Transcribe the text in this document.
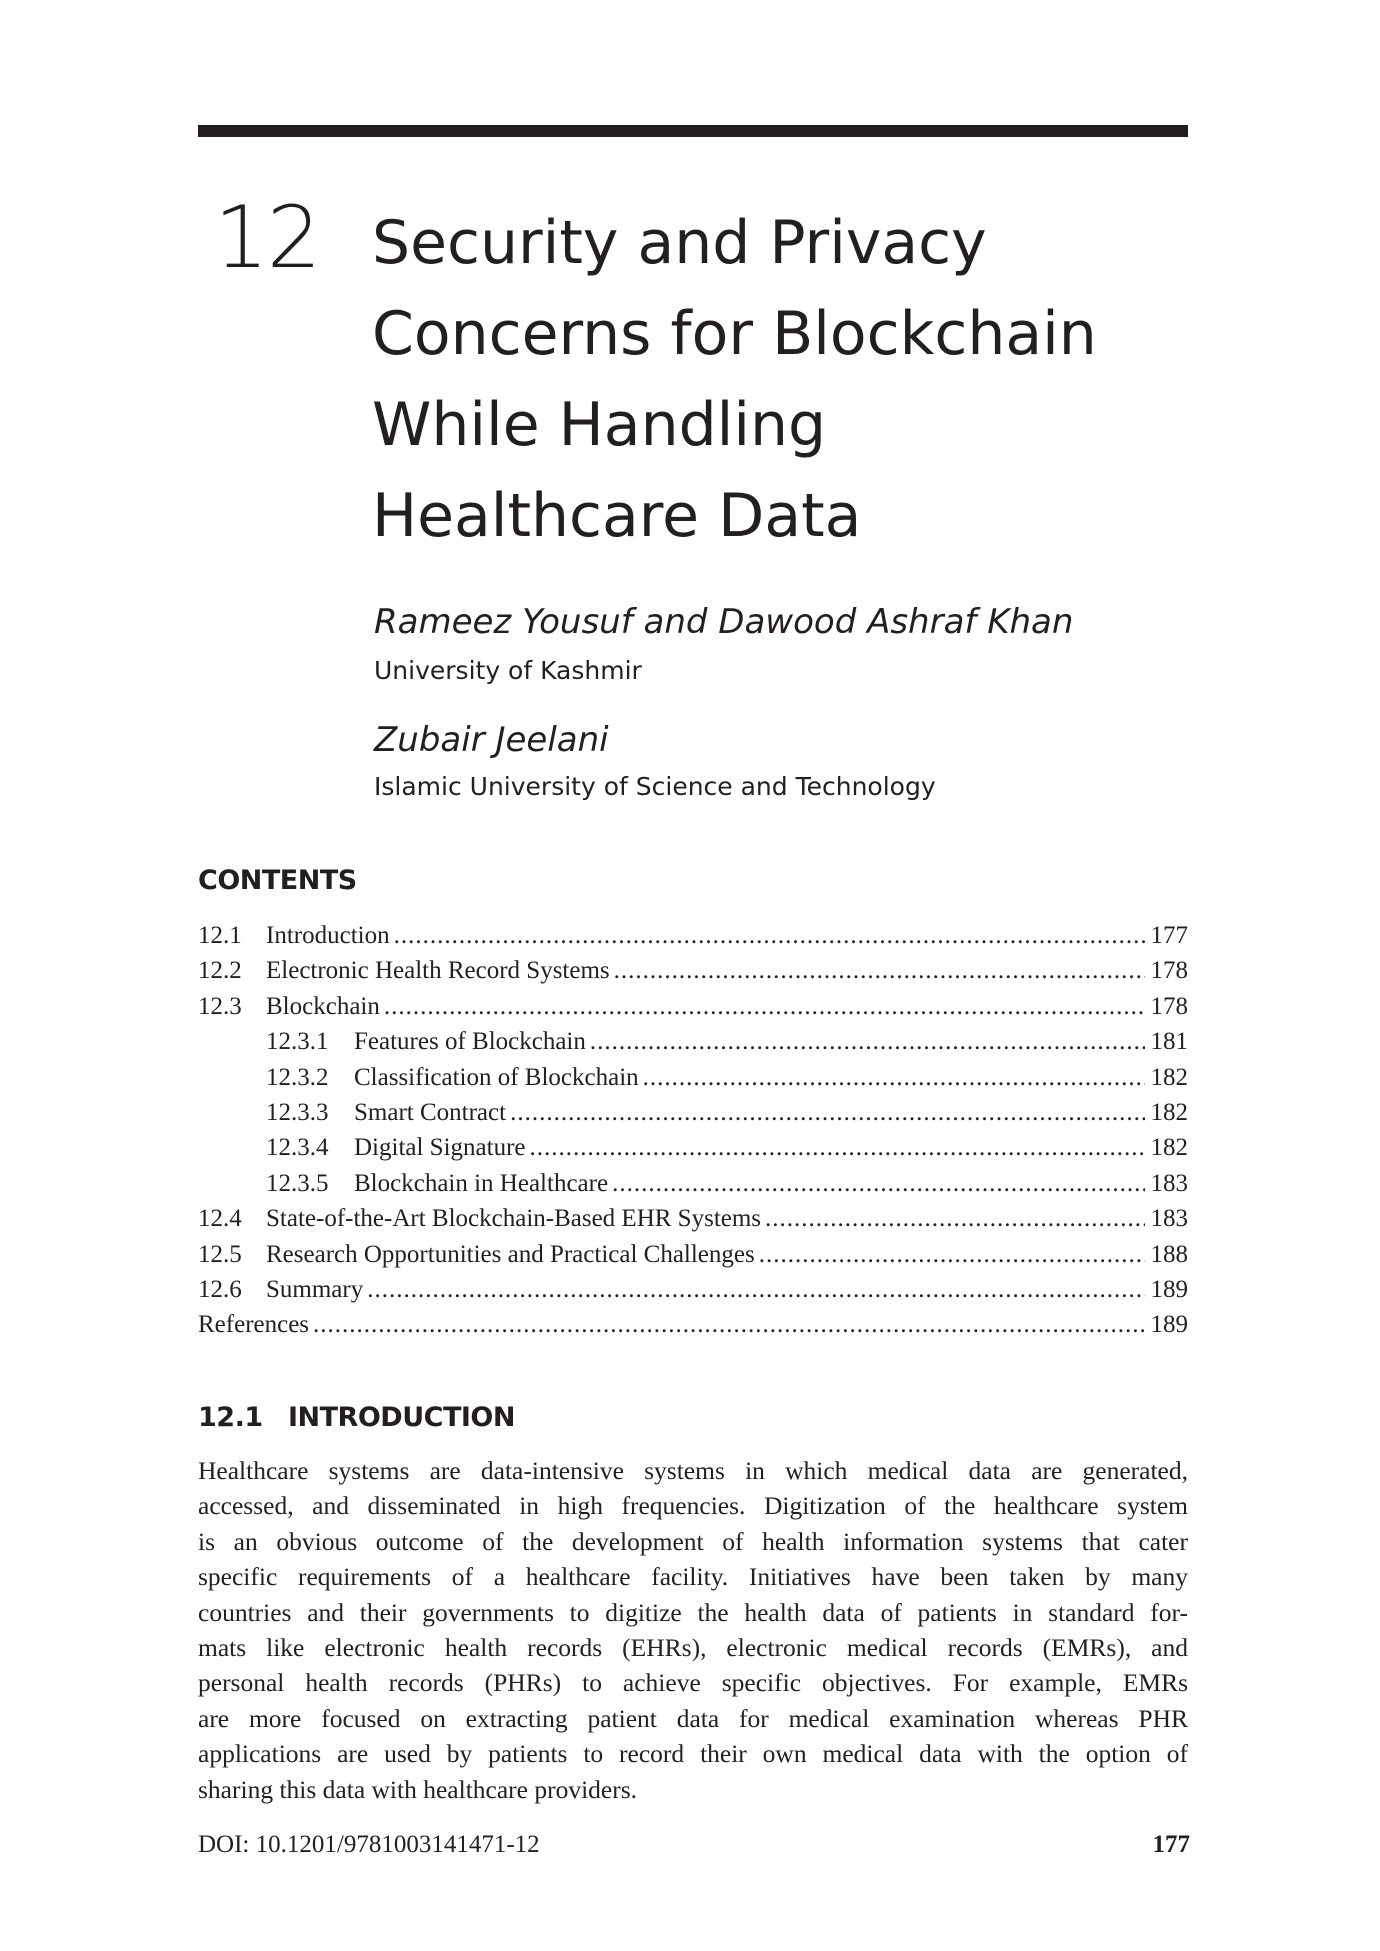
12 Security and Privacy
Concerns for Blockchain
While Handling
Healthcare Data
Rameez Yousuf and Dawood Ashraf Khan
University of Kashmir
Zubair Jeelani
Islamic University of Science and Technology
CONTENTS
12.1 Introduction .....	177
12.2 Electronic Health Record Systems .....	178
12.3 Blockchain .....	178
12.3.1	Features of Blockchain .....	181
12.3.2	Classification of Blockchain .....	182
12.3.3	Smart Contract .....	182
12.3.4	Digital Signature .....	182
12.3.5	Blockchain in Healthcare .....	183
12.4 State-of-the-Art Blockchain-Based EHR Systems .....	183
12.5 Research Opportunities and Practical Challenges .....	188
12.6 Summary .....	189
References .....	189
12.1 INTRODUCTION
Healthcare systems are data-intensive systems in which medical data are generated,
accessed, and disseminated in high frequencies. Digitization of the healthcare system
is an obvious outcome of the development of health information systems that cater
specific requirements of a healthcare facility. Initiatives have been taken by many
countries and their governments to digitize the health data of patients in standard for-
mats like electronic health records (EHRs), electronic medical records (EMRs), and
personal health records (PHRs) to achieve specific objectives. For example, EMRs
are more focused on extracting patient data for medical examination whereas PHR
applications are used by patients to record their own medical data with the option of
sharing this data with healthcare providers.
DOI: 10.1201/9781003141471-12	177
